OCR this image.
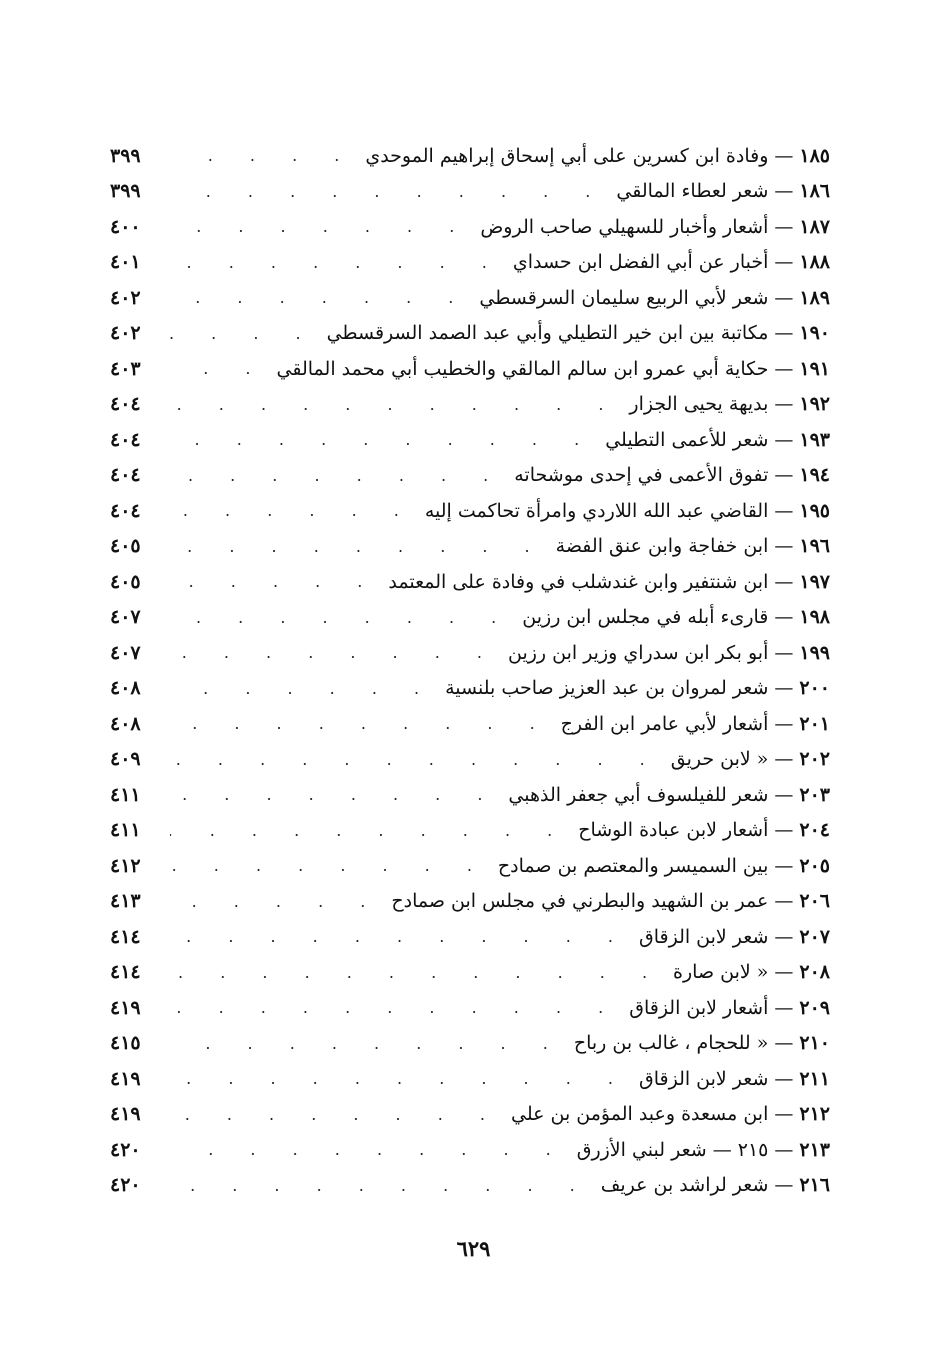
١٨٥
—
وفادة ابن كسرين على أبي إسحاق إبراهيم الموحدي
. . .
٣٩٩
١٨٦
—
شعر لعطاء المالقي
. . .
٣٩٩
١٨٧
—
أشعار وأخبار للسهيلي صاحب الروض
. . .
٤٠٠
١٨٨
—
أخبار عن أبي الفضل ابن حسداي
. . .
٤٠١
١٨٩
—
شعر لأبي الربيع سليمان السرقسطي
. . .
٤٠٢
١٩٠
—
مكاتبة بين ابن خير التطيلي وأبي عبد الصمد السرقسطي
. . .
٤٠٢
١٩١
—
حكاية أبي عمرو ابن سالم المالقي والخطيب أبي محمد المالقي
. . .
٤٠٣
١٩٢
—
بديهة يحيى الجزار
. . .
٤٠٤
١٩٣
—
شعر للأعمى التطيلي
. . .
٤٠٤
١٩٤
—
تفوق الأعمى في إحدى موشحاته
. . .
٤٠٤
١٩٥
—
القاضي عبد الله اللاردي وامرأة تحاكمت إليه
. . .
٤٠٤
١٩٦
—
ابن خفاجة وابن عنق الفضة
. . .
٤٠٥
١٩٧
—
ابن شنتفير وابن غندشلب في وفادة على المعتمد
. . .
٤٠٥
١٩٨
—
قارىء أبله في مجلس ابن رزين
. . .
٤٠٧
١٩٩
—
أبو بكر ابن سدراي وزير ابن رزين
. . .
٤٠٧
٢٠٠
—
شعر لمروان بن عبد العزيز صاحب بلنسية
. . .
٤٠٨
٢٠١
—
أشعار لأبي عامر ابن الفرج
. . .
٤٠٨
٢٠٢
—
« لابن حريق
. . .
٤٠٩
٢٠٣
—
شعر للفيلسوف أبي جعفر الذهبي
. . .
٤١١
٢٠٤
—
أشعار لابن عبادة الوشاح
. . .
٤١١
٢٠٥
—
بين السميسر والمعتصم بن صمادح
. . .
٤١٢
٢٠٦
—
عمر بن الشهيد والبطرني في مجلس ابن صمادح
. . .
٤١٣
٢٠٧
—
شعر لابن الزقاق
. . .
٤١٤
٢٠٨
—
« لابن صارة
. . .
٤١٤
٢٠٩
—
أشعار لابن الزقاق
. . .
٤١٩
٢١٠
—
« للحجام ، غالب بن رباح
. . .
٤١٥
٢١١
—
شعر لابن الزقاق
. . .
٤١٩
٢١٢
—
ابن مسعدة وعبد المؤمن بن علي
. . .
٤١٩
٢١٣
—
٢١٥ — شعر لبني الأزرق
. . .
٤٢٠
٢١٦
—
شعر لراشد بن عريف
. . .
٤٢٠
٦٢٩
